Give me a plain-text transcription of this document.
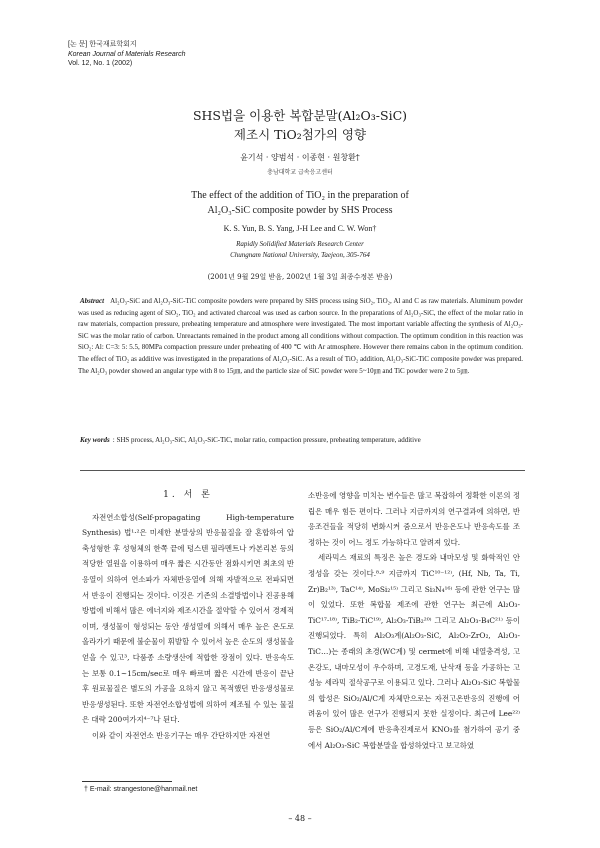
[논 문] 한국재료학회지
Korean Journal of Materials Research
Vol. 12, No. 1 (2002)
SHS법을 이용한 복합분말(Al₂O₃-SiC)
제조시 TiO₂첨가의 영향
윤기석 · 양범석 · 이종현 · 원창환†
충남대학교 급속응고센터
The effect of the addition of TiO₂ in the preparation of
Al₂O₃-SiC composite powder by SHS Process
K. S. Yun, B. S. Yang, J-H Lee and C. W. Won†
Rapidly Solidified Materials Research Center
Chungnam National University, Taejeon, 305-764
(2001년 9월 29일 받음, 2002년 1월 3일 최종수정본 받음)
Abstract Al₂O₃-SiC and Al₂O₃-SiC-TiC composite powders were prepared by SHS process using SiO₂, TiO₂, Al and C as raw materials. Aluminum powder was used as reducing agent of SiO₂, TiO₂ and activated charcoal was used as carbon source. In the preparations of Al₂O₃-SiC, the effect of the molar ratio in raw materials, compaction pressure, preheating temperature and atmosphere were investigated. The most important variable affecting the synthesis of Al₂O₃-SiC was the molar ratio of carbon. Unreactants remained in the product among all conditions without compaction. The optimum condition in this reaction was SiO₂: Al: C=3: 5: 5.5, 80MPa compaction pressure under preheating of 400 ℃ with Ar atmosphere. However there remains cabon in the optimum condition. The effect of TiO₂ as additive was investigated in the preparations of Al₂O₃-SiC. As a result of TiO₂ addition, Al₂O₃-SiC-TiC composite powder was prepared. The Al₂O₃ powder showed an angular type with 8 to 15㎛, and the particle size of SiC powder were 5~10㎛ and TiC powder were 2 to 5㎛.
Key words : SHS process, Al₂O₃-SiC, Al₂O₃-SiC-TiC, molar ratio, compaction pressure, preheating temperature, additive
1. 서 론

자전연소합성(Self-propagating High-temperature Synthesis) 법¹·²은 미세한 분말상의 반응물질을 잘 혼합하여 압축성형한 후 성형체의 한쪽 끝에 텅스텐 필라멘트나 카본리본 등의 적당한 열원을 이용하여 매우 짧은 시간동안 점화시키면 최초의 반응열이 의하여 연소파가 자체반응열에 의해 자발적으로 전파되면서 반응이 진행되는 것이다. 이것은 기존의 소결방법이나 진공용해방법에 비해서 많은 에너지와 제조시간을 절약할 수 있어서 경제적이며, 생성물이 형성되는 동안 생성열에 의해서 매우 높은 온도로 올라가기 때문에 불순물이 휘발할 수 있어서 높은 순도의 생성물을 얻을 수 있고³, 다품종 소량생산에 적합한 장점이 있다. 반응속도는 보통 0.1~15cm/sec로 매우 빠르며 짧은 시간에 반응이 끝난 후 원료물질은 별도의 가공을 요하지 않고 목적했던 반응생성물로 반응생성된다. 또한 자전연소합성법에 의하여 제조될 수 있는 물질은 대략 200여가지⁴⁻⁷나 된다.

이와 같이 자전연소 반응기구는 매우 간단하지만 자전연

소반응에 영향을 미치는 변수들은 많고 복잡하여 정확한 이론의 정립은 매우 힘든 편이다. 그러나 지금까지의 연구결과에 의하면, 반응조건들을 적당히 변화시켜 줌으로서 반응온도나 반응속도를 조정하는 것이 어느 정도 가능하다고 알려져 있다.

세라믹스 재료의 특징은 높은 경도와 내마모성 및 화학적인 안정성을 갖는 것이다.⁸·⁹ 지금까지 TiC¹⁰⁻¹²⁾, (Hf, Nb, Ta, Ti, Zr)B₂¹³⁾, TaC¹⁴⁾, MoSi₂¹⁵⁾ 그리고 Si₃N₄¹⁶⁾ 등에 관한 연구는 많이 있었다. 또한 복합물 제조에 관한 연구는 최근에 Al₂O₃-TiC¹⁷·¹⁸⁾, TiB₂-TiC¹⁹⁾, Al₂O₃-TiB₂²⁰⁾ 그리고 Al₂O₃-B₄C²¹⁾ 등이 진행되었다. 특히 Al₂O₃계(Al₂O₃-SiC, Al₂O₃-ZrO₂, Al₂O₃-TiC…)는 종래의 초경(WC계) 및 cermet에 비해 내열충격성, 고온강도, 내마모성이 우수하며, 고경도재, 난삭재 등을 가공하는 고성능 세라믹 절삭공구로 이용되고 있다. 그러나 Al₂O₃-SiC 복합물의 합성은 SiO₂/Al/C계 자체만으로는 자전고온반응의 진행에 어려움이 있어 많은 연구가 진행되지 못한 실정이다. 최근에 Lee²²⁾ 등은 SiO₂/Al/C계에 반응촉진제로서 KNO₃를 첨가하여 공기 중에서 Al₂O₃-SiC 복합분말을 합성하였다고 보고하였

† E-mail: strangestone@hanmail.net
– 48 –
